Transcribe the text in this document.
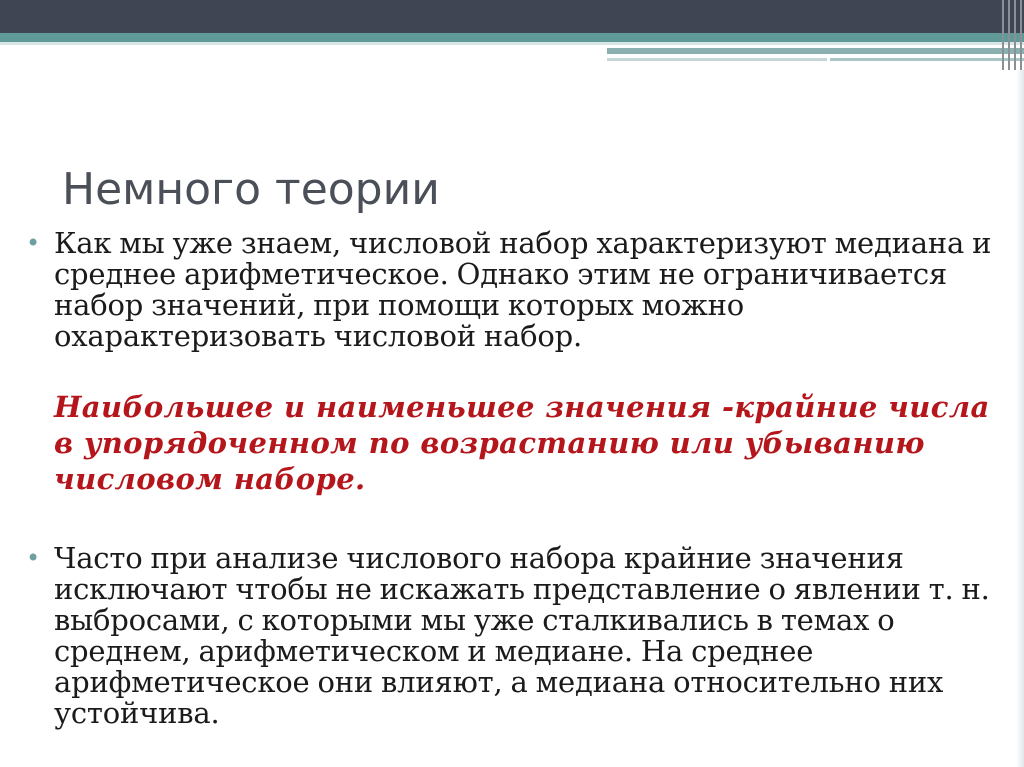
Немного теории
• Как мы уже знаем, числовой набор характеризуют медиана и среднее арифметическое. Однако этим не ограничивается набор значений, при помощи которых можно охарактеризовать числовой набор.
Наибольшее и наименьшее значения -крайние числа в упорядоченном по возрастанию или убыванию числовом наборе.
• Часто при анализе числового набора крайние значения исключают чтобы не искажать представление о явлении т. н. выбросами, с которыми мы уже сталкивались в темах о среднем, арифметическом и медиане. На среднее арифметическое они влияют, а медиана относительно них устойчива.
